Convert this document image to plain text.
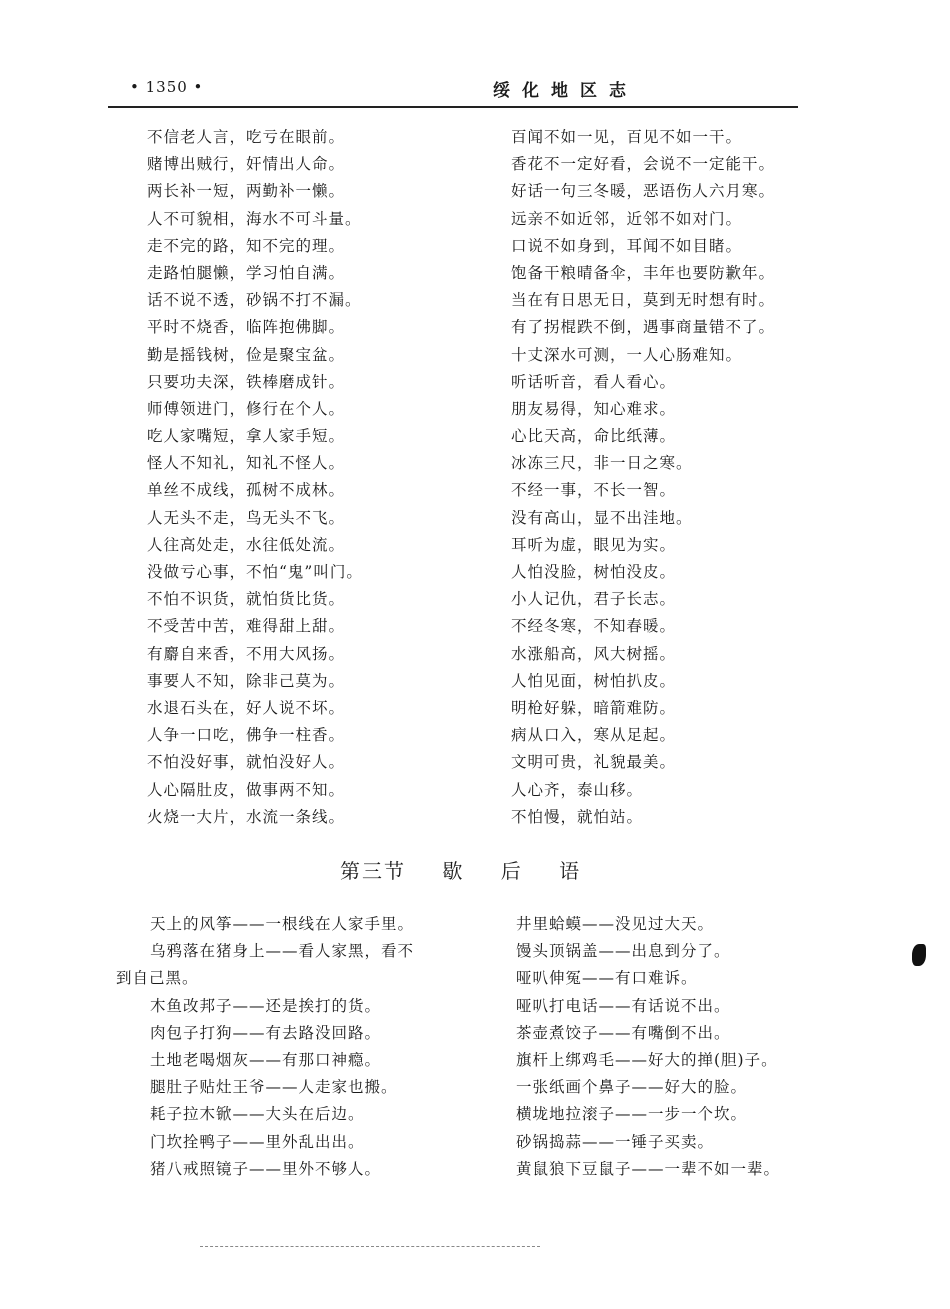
• 1350 •	绥化地区志
不信老人言，吃亏在眼前。
赌博出贼行，奸情出人命。
两长补一短，两勤补一懒。
人不可貌相，海水不可斗量。
走不完的路，知不完的理。
走路怕腿懒，学习怕自满。
话不说不透，砂锅不打不漏。
平时不烧香，临阵抱佛脚。
勤是摇钱树，俭是聚宝盆。
只要功夫深，铁棒磨成针。
师傅领进门，修行在个人。
吃人家嘴短，拿人家手短。
怪人不知礼，知礼不怪人。
单丝不成线，孤树不成林。
人无头不走，鸟无头不飞。
人往高处走，水往低处流。
没做亏心事，不怕“鬼”叫门。
不怕不识货，就怕货比货。
不受苦中苦，难得甜上甜。
有麝自来香，不用大风扬。
事要人不知，除非己莫为。
水退石头在，好人说不坏。
人争一口吃，佛争一柱香。
不怕没好事，就怕没好人。
人心隔肚皮，做事两不知。
火烧一大片，水流一条线。
百闻不如一见，百见不如一干。
香花不一定好看，会说不一定能干。
好话一句三冬暖，恶语伤人六月寒。
远亲不如近邻，近邻不如对门。
口说不如身到，耳闻不如目睹。
饱备干粮晴备伞，丰年也要防歉年。
当在有日思无日，莫到无时想有时。
有了拐棍跌不倒，遇事商量错不了。
十丈深水可测，一人心肠难知。
听话听音，看人看心。
朋友易得，知心难求。
心比天高，命比纸薄。
冰冻三尺，非一日之寒。
不经一事，不长一智。
没有高山，显不出洼地。
耳听为虚，眼见为实。
人怕没脸，树怕没皮。
小人记仇，君子长志。
不经冬寒，不知春暖。
水涨船高，风大树摇。
人怕见面，树怕扒皮。
明枪好躲，暗箭难防。
病从口入，寒从足起。
文明可贵，礼貌最美。
人心齐，泰山移。
不怕慢，就怕站。
第三节 歇 后 语
天上的风筝——一根线在人家手里。
乌鸦落在猪身上——看人家黑，看不
到自己黑。
木鱼改邦子——还是挨打的货。
肉包子打狗——有去路没回路。
土地老喝烟灰——有那口神瘾。
腿肚子贴灶王爷——人走家也搬。
耗子拉木锨——大头在后边。
门坎拴鸭子——里外乱出出。
猪八戒照镜子——里外不够人。
井里蛤蟆——没见过大天。
馒头顶锅盖——出息到分了。
哑叭伸冤——有口难诉。
哑叭打电话——有话说不出。
茶壶煮饺子——有嘴倒不出。
旗杆上绑鸡毛——好大的掸(胆)子。
一张纸画个鼻子——好大的脸。
横垅地拉滚子——一步一个坎。
砂锅捣蒜——一锤子买卖。
黄鼠狼下豆鼠子——一辈不如一辈。
